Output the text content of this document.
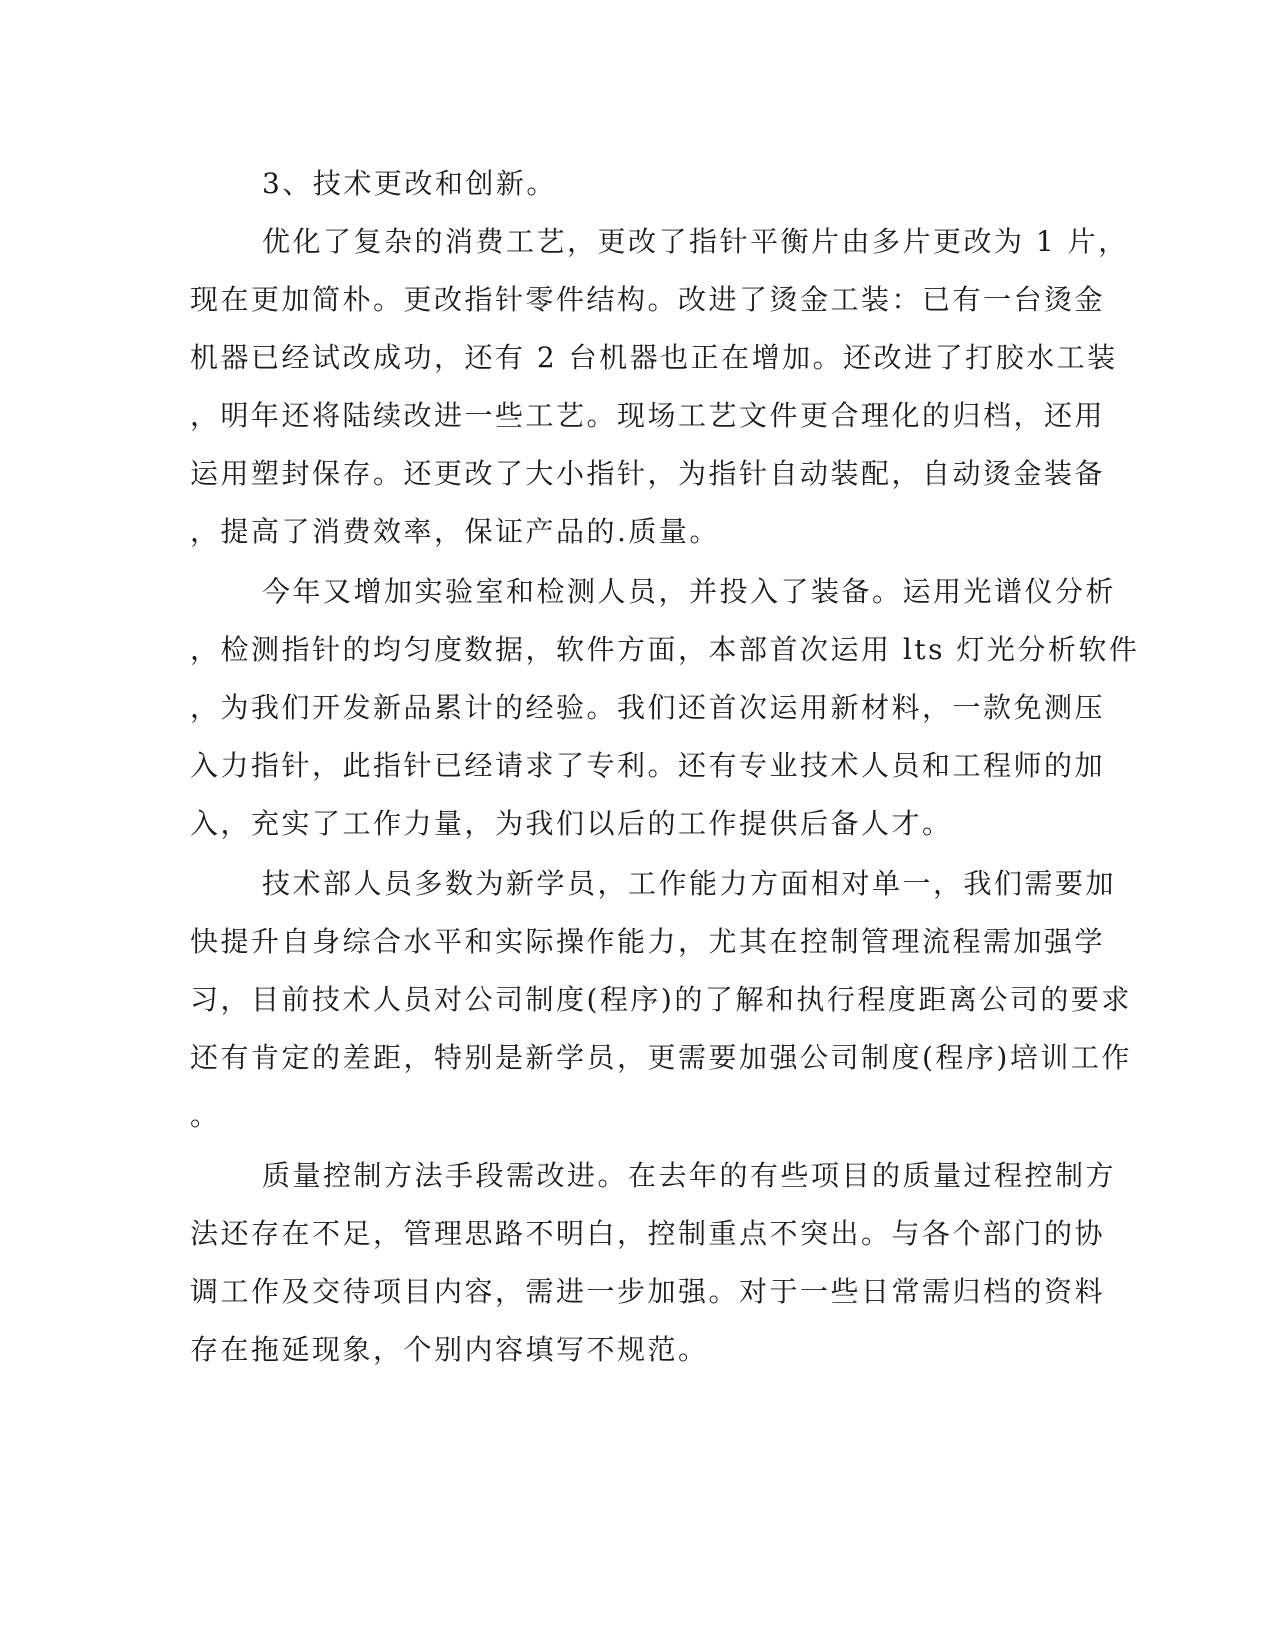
3、技术更改和创新。
优化了复杂的消费工艺，更改了指针平衡片由多片更改为 1 片，
现在更加简朴。更改指针零件结构。改进了烫金工装：已有一台烫金
机器已经试改成功，还有 2 台机器也正在增加。还改进了打胶水工装
，明年还将陆续改进一些工艺。现场工艺文件更合理化的归档，还用
运用塑封保存。还更改了大小指针，为指针自动装配，自动烫金装备
，提高了消费效率，保证产品的.质量。
今年又增加实验室和检测人员，并投入了装备。运用光谱仪分析
，检测指针的均匀度数据，软件方面，本部首次运用 lts 灯光分析软件
，为我们开发新品累计的经验。我们还首次运用新材料，一款免测压
入力指针，此指针已经请求了专利。还有专业技术人员和工程师的加
入，充实了工作力量，为我们以后的工作提供后备人才。
技术部人员多数为新学员，工作能力方面相对单一，我们需要加
快提升自身综合水平和实际操作能力，尤其在控制管理流程需加强学
习，目前技术人员对公司制度(程序)的了解和执行程度距离公司的要求
还有肯定的差距，特别是新学员，更需要加强公司制度(程序)培训工作
。
质量控制方法手段需改进。在去年的有些项目的质量过程控制方
法还存在不足，管理思路不明白，控制重点不突出。与各个部门的协
调工作及交待项目内容，需进一步加强。对于一些日常需归档的资料
存在拖延现象，个别内容填写不规范。
